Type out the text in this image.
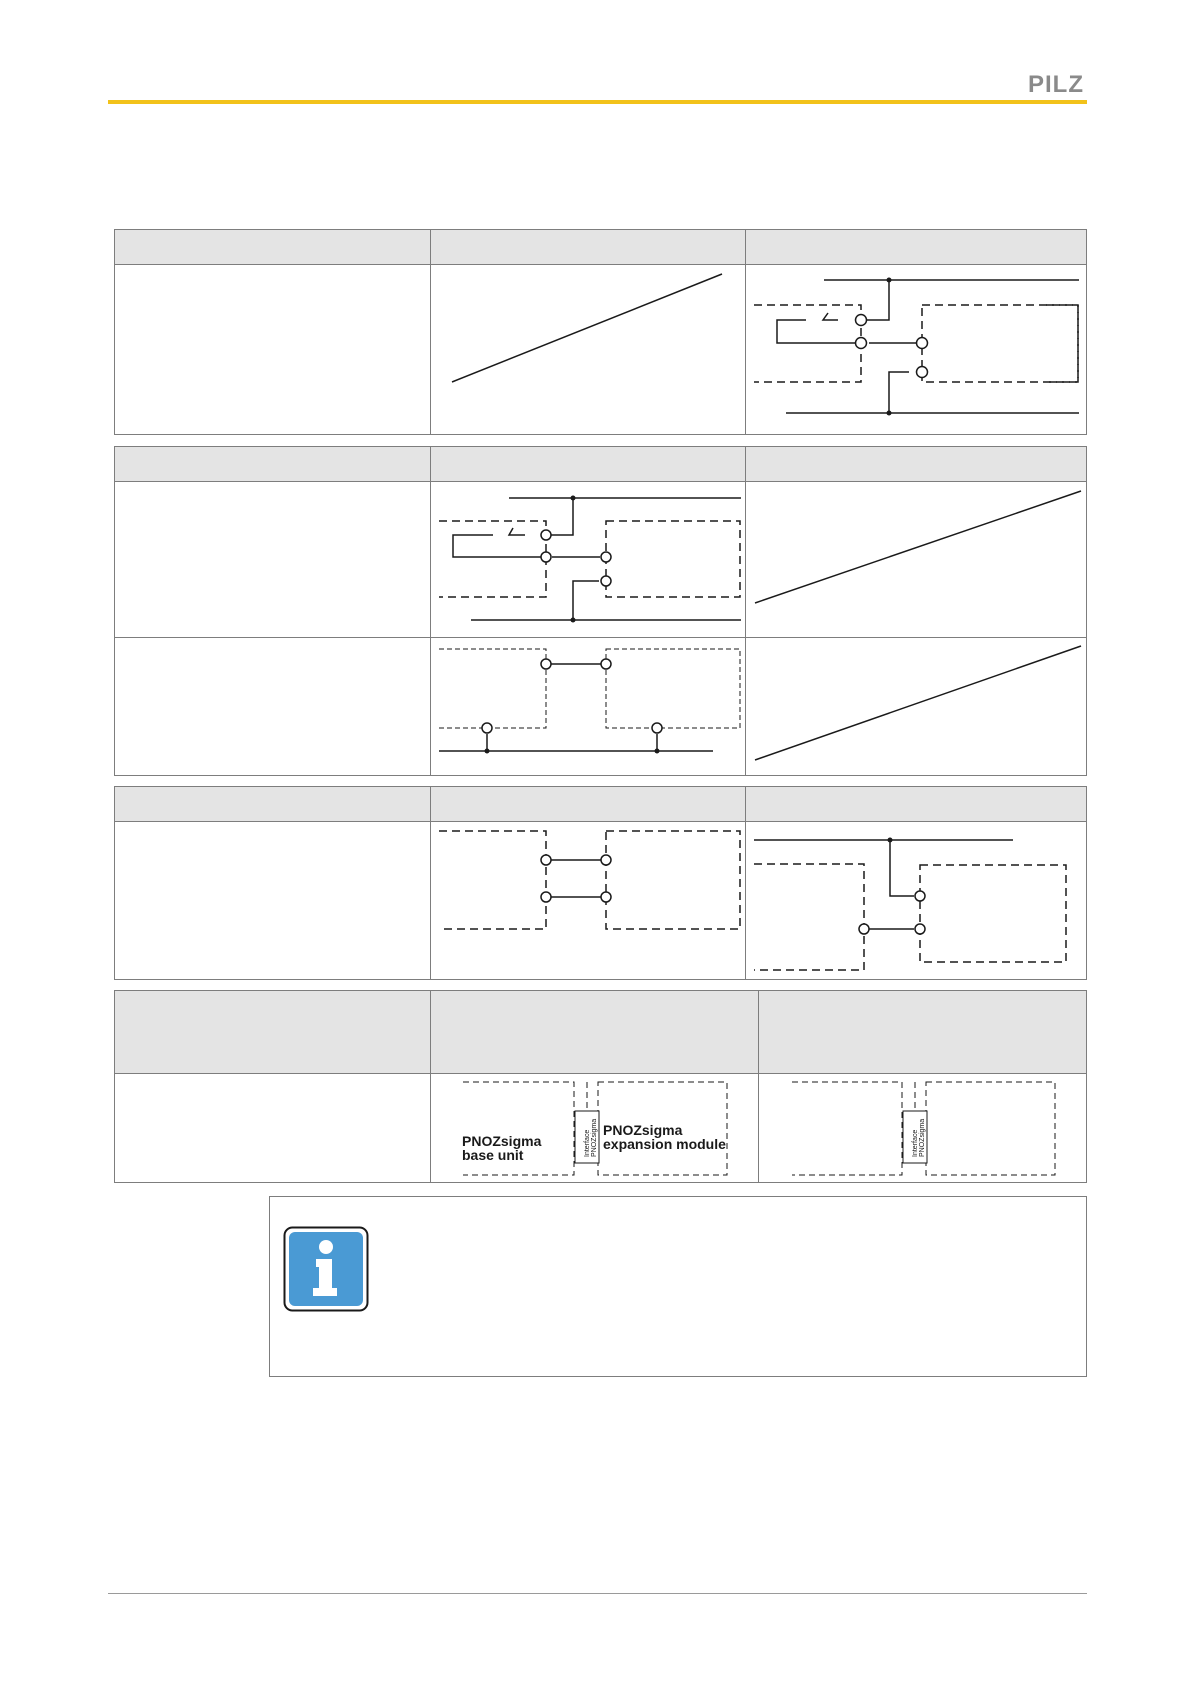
PILZ
Interface PNOZsigma
PNOZsigma
base unit
PNOZsigma
expansion module	Interface PNOZsigma
